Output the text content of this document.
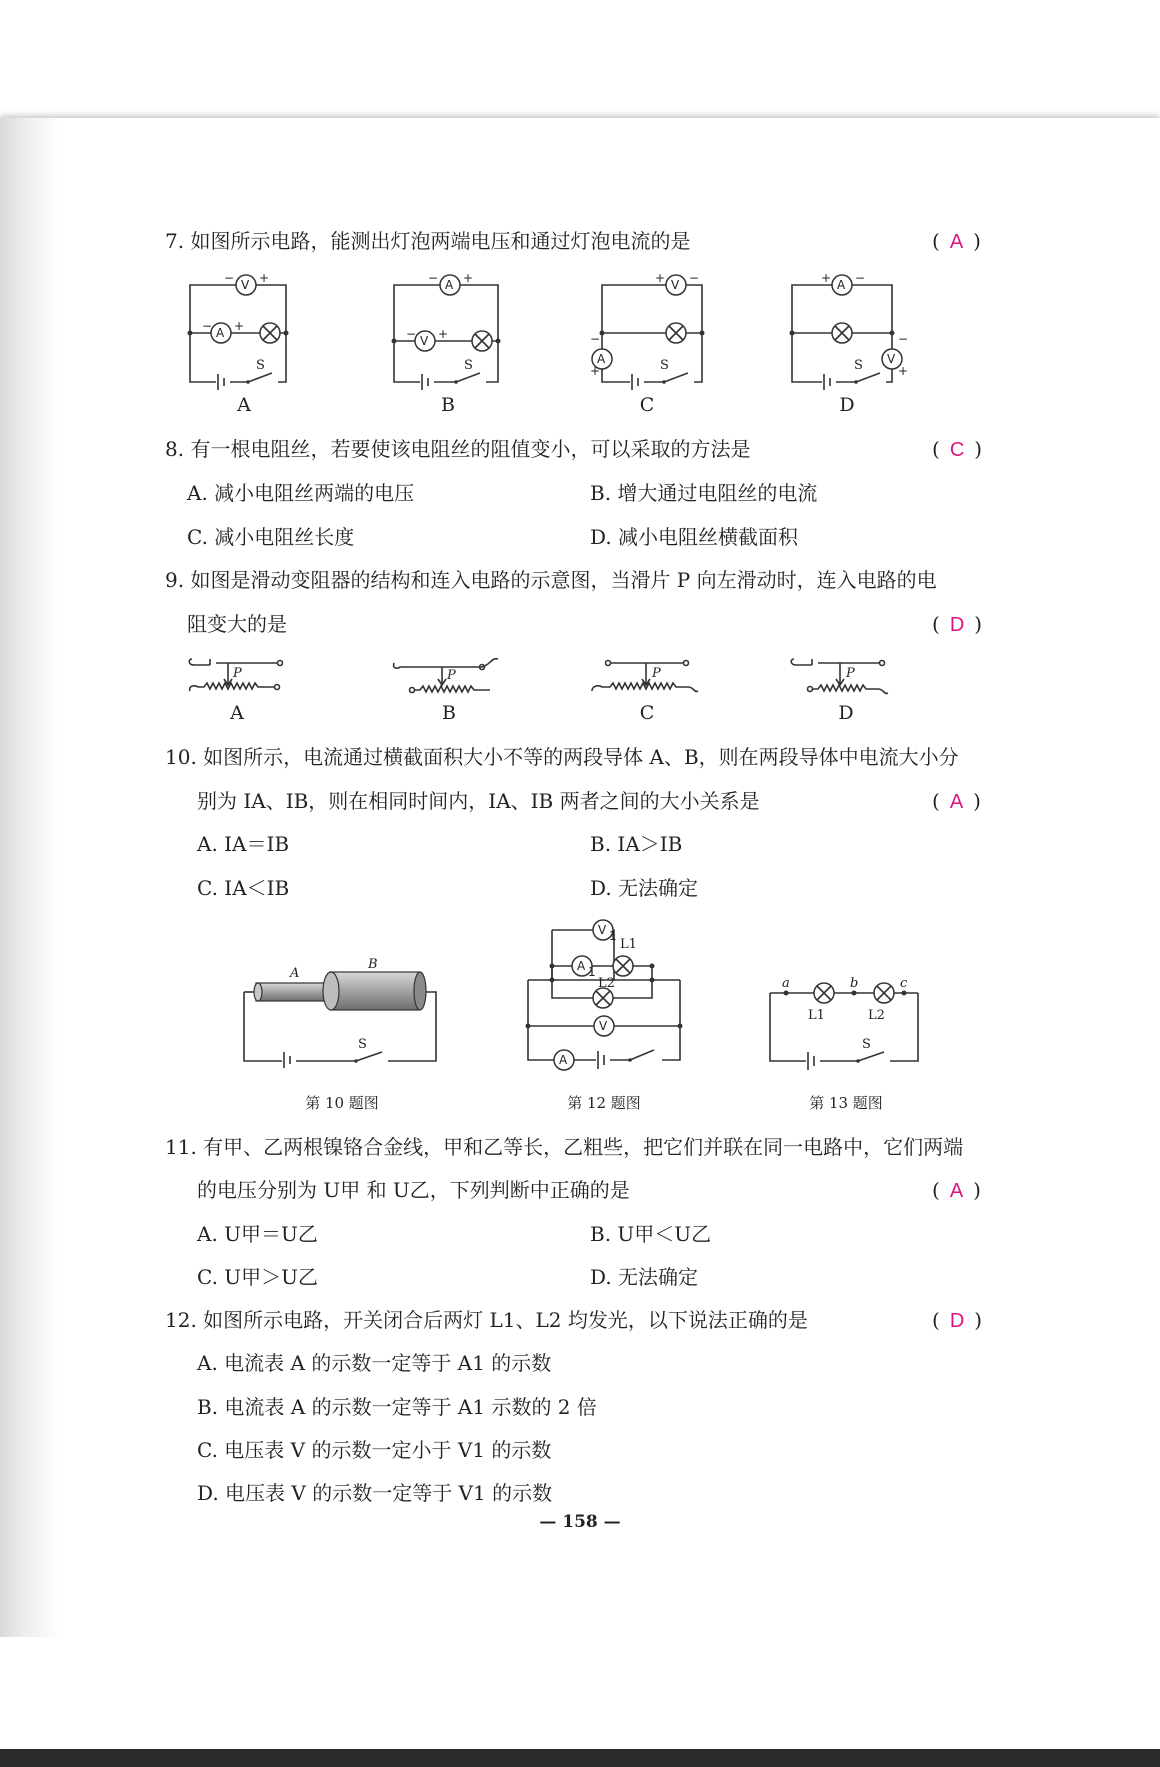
7. 如图所示电路，能测出灯泡两端电压和通过灯泡电流的是	( A )
V
− +
A
− +
S
A
A
− +
V
− +
S
B
V
+ −
A
−
+	S
C
A
+ −
V
−
+
S
D
8. 有一根电阻丝，若要使该电阻丝的阻值变小，可以采取的方法是	( C )
A. 减小电阻丝两端的电压	B. 增大通过电阻丝的电流
C. 减小电阻丝长度	D. 减小电阻丝横截面积
9. 如图是滑动变阻器的结构和连入电路的示意图，当滑片 P 向左滑动时，连入电路的电
阻变大的是	( D )
P
A
P
B
P
C
P
D
10. 如图所示，电流通过横截面积大小不等的两段导体 A、B，则在两段导体中电流大小分
别为 IA、IB，则在相同时间内，IA、IB 两者之间的大小关系是	( A )
A. IA＝IB	B. IA＞IB
C. IA＜IB	D. 无法确定
A
B
S
第 10 题图
V 1
A 1
L1
L2
V
A
第 12 题图
a	b	c
L1	L2
S
第 13 题图
11. 有甲、乙两根镍铬合金线，甲和乙等长，乙粗些，把它们并联在同一电路中，它们两端
的电压分别为 U甲 和 U乙，下列判断中正确的是	( A )
A. U甲＝U乙	B. U甲＜U乙
C. U甲＞U乙	D. 无法确定
12. 如图所示电路，开关闭合后两灯 L1、L2 均发光，以下说法正确的是	( D )
A. 电流表 A 的示数一定等于 A1 的示数
B. 电流表 A 的示数一定等于 A1 示数的 2 倍
C. 电压表 V 的示数一定小于 V1 的示数
D. 电压表 V 的示数一定等于 V1 的示数
— 158 —
